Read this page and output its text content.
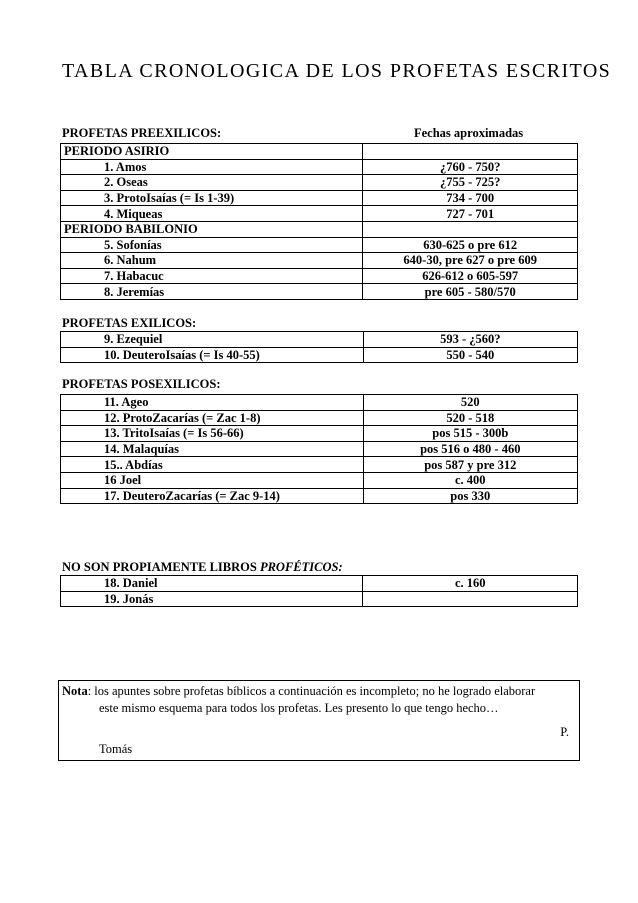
TABLA CRONOLOGICA DE LOS PROFETAS ESCRITOS
PROFETAS PREEXILICOS:	Fechas aproximadas
PERIODO ASIRIO	
1. Amos	¿760 - 750?
2. Oseas	¿755 - 725?
3. ProtoIsaías (= Is 1-39)	734 - 700
4. Miqueas	727 - 701
PERIODO BABILONIO	
5. Sofonías	630-625 o pre 612
6. Nahum	640-30, pre 627 o pre 609
7. Habacuc	626-612 o 605-597
8. Jeremías	pre 605 - 580/570
PROFETAS EXILICOS:
9. Ezequiel	593 - ¿560?
10. DeuteroIsaías (= Is 40-55)	550 - 540
PROFETAS POSEXILICOS:
11. Ageo	520
12. ProtoZacarías (= Zac 1-8)	520 - 518
13. TritoIsaías (= Is 56-66)	pos 515 - 300b
14. Malaquías	pos 516 o 480 - 460
15.. Abdías	pos 587 y pre 312
16 Joel	c. 400
17. DeuteroZacarías (= Zac 9-14)	pos 330
NO SON PROPIAMENTE LIBROS PROFÉTICOS:
18. Daniel	c. 160
19. Jonás	
Nota: los apuntes sobre profetas bíblicos a continuación es incompleto; no he logrado elaborar
este mismo esquema para todos los profetas. Les presento lo que tengo hecho…
P.
Tomás
